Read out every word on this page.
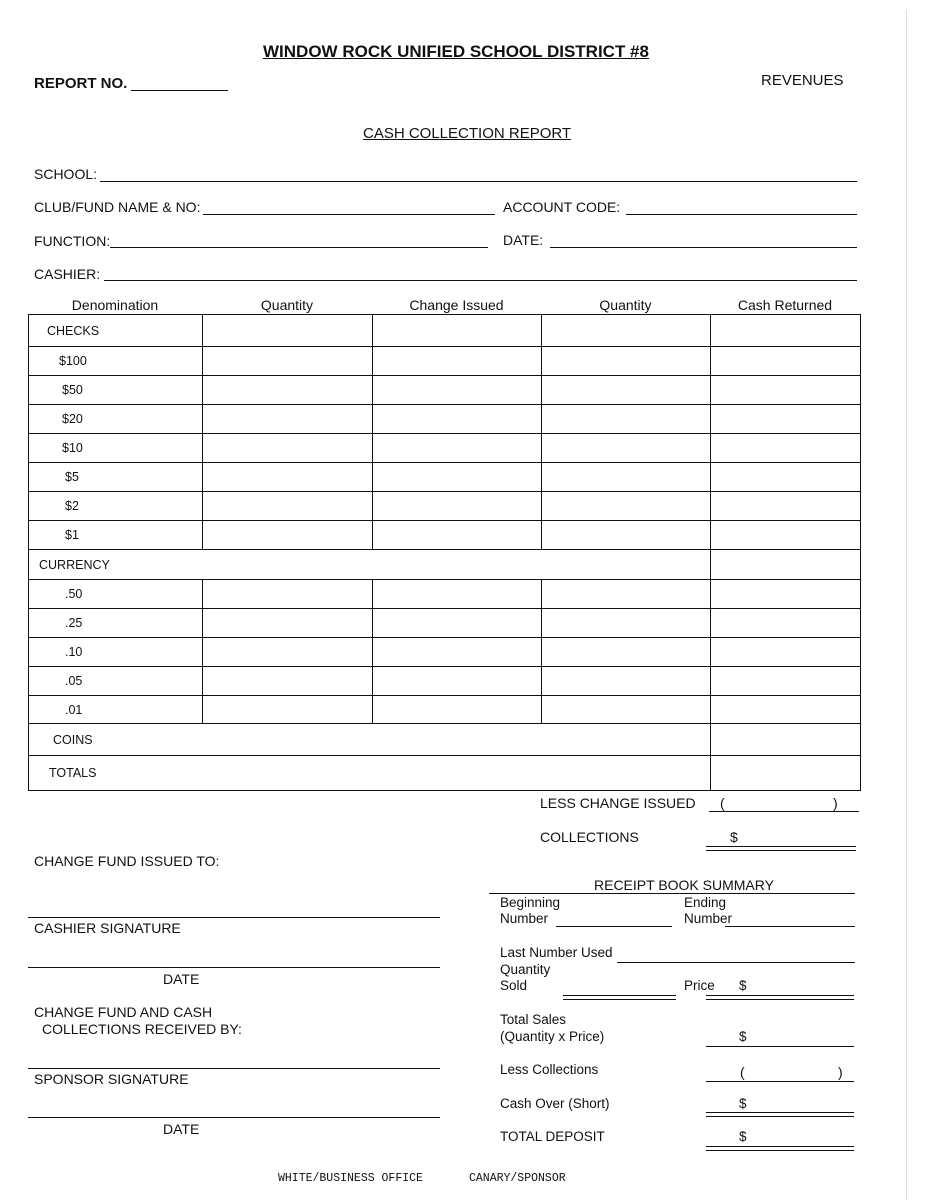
WINDOW ROCK UNIFIED SCHOOL DISTRICT #8
REPORT NO.	REVENUES
CASH COLLECTION REPORT
SCHOOL:
CLUB/FUND NAME & NO:	ACCOUNT CODE:
FUNCTION:	DATE:
CASHIER:
Denomination	Quantity	Change Issued	Quantity	Cash Returned
CHECKS				
$100				
$50				
$20				
$10				
$5				
$2				
$1				
CURRENCY				
.50				
.25				
.10				
.05				
.01				
COINS				
TOTALS				
LESS CHANGE ISSUED (	)
COLLECTIONS	$
CHANGE FUND ISSUED TO:
CASHIER SIGNATURE
DATE
CHANGE FUND AND CASH
COLLECTIONS RECEIVED BY:
SPONSOR SIGNATURE
DATE
RECEIPT BOOK SUMMARY
Beginning
Number
Ending
Number
Last Number Used
Quantity
Sold	Price $
Total Sales
(Quantity x Price)	$
Less Collections	(	)
Cash Over (Short)	$
TOTAL DEPOSIT	$
WHITE/BUSINESS OFFICE	CANARY/SPONSOR
